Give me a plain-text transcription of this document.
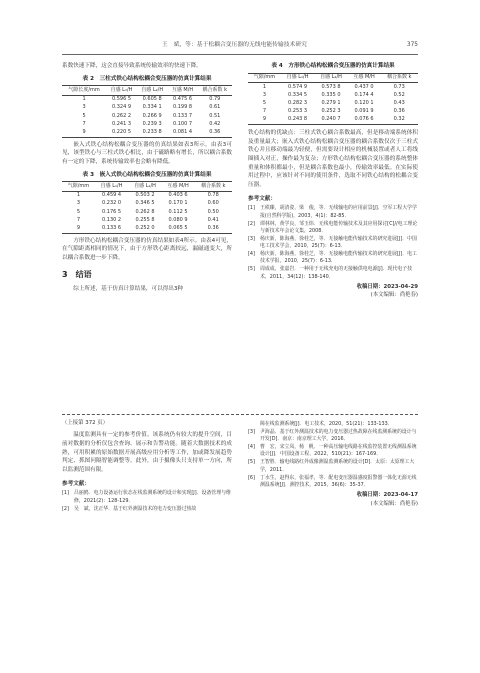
王　斌，等：基于松耦合变压器的无线电能传输技术研究	375

系数快速下降，这会直接导致系统传输效率的快速下降。

表 2　三柱式铁心结构松耦合变压器的仿真计算结果
气隙长度/mm	自感 L₁/H	自感 L₂/H	互感 M/H	耦合系数 k
1	0.596 5	0.605 8	0.475 6	0.79
3	0.324 9	0.334 1	0.199 8	0.61
5	0.262 2	0.266 9	0.133 7	0.51
7	0.241 3	0.239 3	0.100 7	0.42
9	0.220 5	0.233 8	0.081 4	0.36

嵌入式铁心结构松耦合变压器的仿真结果如表3所示。由表3可见，该型铁心与三柱式铁心相比，由于磁路略有增长，所以耦合系数有一定的下降，系统传输效率也会略有降低。

表 3　嵌入式铁心结构松耦合变压器的仿真计算结果
气隙/mm	自感 L₁/H	自感 L₂/H	互感 M/H	耦合系数 k
1	0.459 4	0.503 2	0.403 6	0.78
3	0.232 0	0.346 5	0.170 1	0.60
5	0.176 5	0.262 8	0.112 5	0.50
7	0.130 2	0.255 8	0.080 9	0.41
9	0.133 6	0.252 0	0.065 5	0.36

方形铁心结构松耦合变压器的仿真结果如表4所示。由表4可见，在气隙距离相同的情况下，由于方形铁心距离较远，漏磁通变大，所以耦合系数进一步下降。

3　结语

综上所述，基于仿真计算结果，可以得出3种

表 4　方形铁心结构松耦合变压器的仿真计算结果
气隙/mm	自感 L₁/H	自感 L₂/H	互感 M/H	耦合系数 k
1	0.574 9	0.573 8	0.437 0	0.73
3	0.334 5	0.335 0	0.174 4	0.52
5	0.282 3	0.279 1	0.120 1	0.43
7	0.253 3	0.252 3	0.091 9	0.36
9	0.243 8	0.240 7	0.076 6	0.32

铁心结构的优缺点：三柱式铁心耦合系数最高，但是移动端系统体积及重量最大；嵌入式铁心结构松耦合变压器的耦合系数仅次于三柱式铁心并且移动端最为轻便，但需要设计相应的机械装置或者人工将线圈插入对正，操作最为复杂；方形铁心结构松耦合变压器的系统整体重量和体积都最小，但是耦合系数也最小，传输效率最低。在实际使用过程中，应该针对不同的使用条件，选取不同铁心结构的松耦合变压器。

参考文献：
[1]	王秩臻，胡清姿，梁　俊，等．无线输电的应用前景[J]．空军工程大学学报(自然科学版)，2003，4(1)：82-85．
[2]	谭林林，黄学良，邹玉炜．无线电能传输技术及其应用探讨[C]//电工理论与新技术年会论文集，2008．
[3]	杨庆新，陈海燕，徐桂芝，等．无接触电能传输技术的研究进展[J]．中国电工技术学会，2010，25(7)：6-13．
[4]	杨庆新，陈海燕，徐桂芝，等．无接触电能传输技术的研究进展[J]．电工技术学报，2010，25(7)：6-13．
[5]	周成成，张嘉岩．一种用于无线充电的无接触供电电源[J]．现代电子技术，2011，34(12)：138-140．
收稿日期：2023-04-29
(本文编辑：尚艳春)
（上接第 372 页）

温度监测具有一定的参考价值。该系统仍有较大的提升空间，目前对数据的分析仅包含查询、展示和告警功能。随着大数据技术的成熟，可用积累的原始数据开展高级应用分析等工作，加或降发展趋势判定、抓图问隔智能调整等。此外，由于摄像头只支持单一方向，所以监测范围有限。

参考文献：
[1]	吕丽鸥．电力设备运行状态在线监测系统的设计和实现[J]．设备管理与维修，2021(2)：128-129．
[2]	吴　斌，沈正华．基于红外测温技术的电力变压器过热故
障在线监测系统[J]．电工技术，2020，51(21)：133-133．
[3]	尹海晶．基于红外测温技术的电力变压器过热故障在线监测系统的设计与开发[D]．南京：南京理工大学，2016．
[4]	曹　宏，宋立凤，杨　帆．一种高压输电线路在线监控装置无线测温系统设计[J]．中国设备工程，2022，510(21)：167-169．
[5]	王智胜．输电线路红外成像测温监测系统的设计[D]．太原：太原理工大学，2011．
[6]	丁水生，赵得东，张福孝，等．配电变压器温感度报警器一体化无源无线测温系统[J]．测控技术，2015，36(6)：35-37．
收稿日期：2023-04-17
(本文编辑：尚艳春)
